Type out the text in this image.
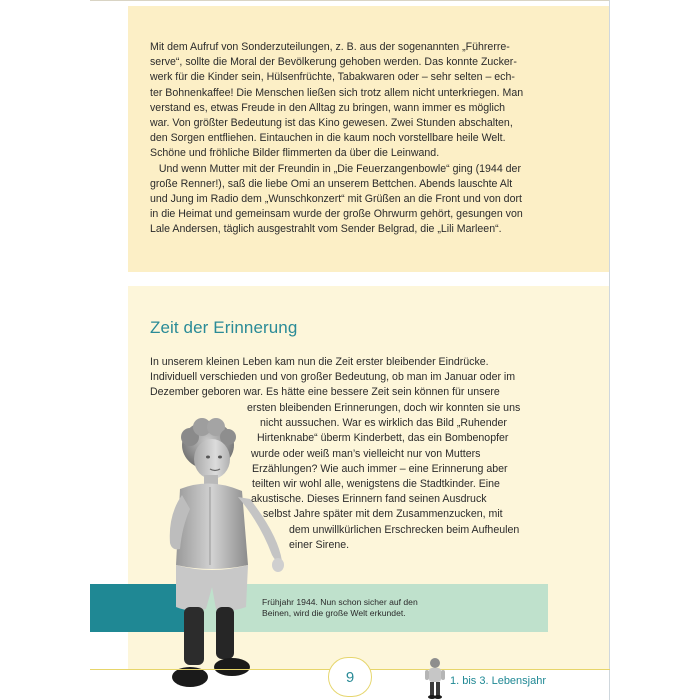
Mit dem Aufruf von Sonderzuteilungen, z. B. aus der sogenannten „Führerre-
serve“, sollte die Moral der Bevölkerung gehoben werden. Das konnte Zucker-
werk für die Kinder sein, Hülsenfrüchte, Tabakwaren oder – sehr selten – ech-
ter Bohnenkaffee! Die Menschen ließen sich trotz allem nicht unterkriegen. Man
verstand es, etwas Freude in den Alltag zu bringen, wann immer es möglich
war. Von größter Bedeutung ist das Kino gewesen. Zwei Stunden abschalten,
den Sorgen entfliehen. Eintauchen in die kaum noch vorstellbare heile Welt.
Schöne und fröhliche Bilder flimmerten da über die Leinwand.
Und wenn Mutter mit der Freundin in „Die Feuerzangenbowle“ ging (1944 der
große Renner!), saß die liebe Omi an unserem Bettchen. Abends lauschte Alt
und Jung im Radio dem „Wunschkonzert“ mit Grüßen an die Front und von dort
in die Heimat und gemeinsam wurde der große Ohrwurm gehört, gesungen von
Lale Andersen, täglich ausgestrahlt vom Sender Belgrad, die „Lili Marleen“.
Zeit der Erinnerung
In unserem kleinen Leben kam nun die Zeit erster bleibender Eindrücke.
Individuell verschieden und von großer Bedeutung, ob man im Januar oder im
Dezember geboren war. Es hätte eine bessere Zeit sein können für unsere
ersten bleibenden Erinnerungen, doch wir konnten sie uns
nicht aussuchen. War es wirklich das Bild „Ruhender
Hirtenknabe“ überm Kinderbett, das ein Bombenopfer
wurde oder weiß man’s vielleicht nur von Mutters
Erzählungen? Wie auch immer – eine Erinnerung aber
teilten wir wohl alle, wenigstens die Stadtkinder. Eine
akustische. Dieses Erinnern fand seinen Ausdruck
selbst Jahre später mit dem Zusammenzucken, mit
dem unwillkürlichen Erschrecken beim Aufheulen
einer Sirene.
Frühjahr 1944. Nun schon sicher auf den
Beinen, wird die große Welt erkundet.
9	1. bis 3. Lebensjahr
